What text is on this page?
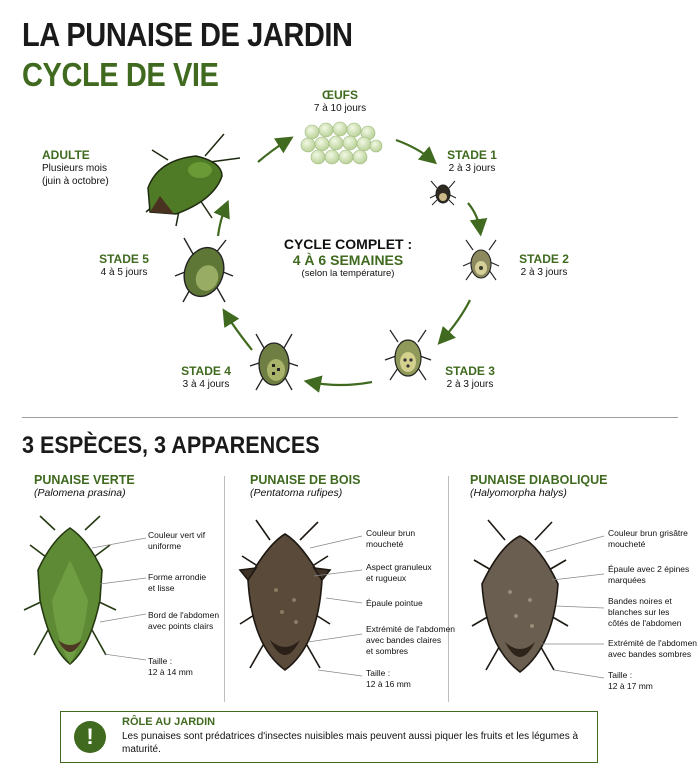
LA PUNAISE DE JARDIN
CYCLE DE VIE
ŒUFS
7 à 10 jours
STADE 1
2 à 3 jours
STADE 2
2 à 3 jours
STADE 3
2 à 3 jours
STADE 4
3 à 4 jours
STADE 5
4 à 5 jours
ADULTE
Plusieurs mois
(juin à octobre)
CYCLE COMPLET :
4 À 6 SEMAINES
(selon la température)
3 ESPÈCES, 3 APPARENCES
PUNAISE VERTE
(Palomena prasina)
PUNAISE DE BOIS
(Pentatoma rufipes)
PUNAISE DIABOLIQUE
(Halyomorpha halys)
Couleur vert vif
uniforme
Forme arrondie
et lisse
Bord de l'abdomen
avec points clairs
Taille :
12 à 14 mm
Couleur brun
moucheté
Aspect granuleux
et rugueux
Épaule pointue
Extrémité de l'abdomen
avec bandes claires
et sombres
Taille :
12 à 16 mm
Couleur brun grisâtre
moucheté
Épaule avec 2 épines
marquées
Bandes noires et
blanches sur les
côtés de l'abdomen
Extrémité de l'abdomen
avec bandes sombres
Taille :
12 à 17 mm
!
RÔLE AU JARDIN
Les punaises sont prédatrices d'insectes nuisibles mais peuvent aussi piquer les fruits et les légumes à maturité.
